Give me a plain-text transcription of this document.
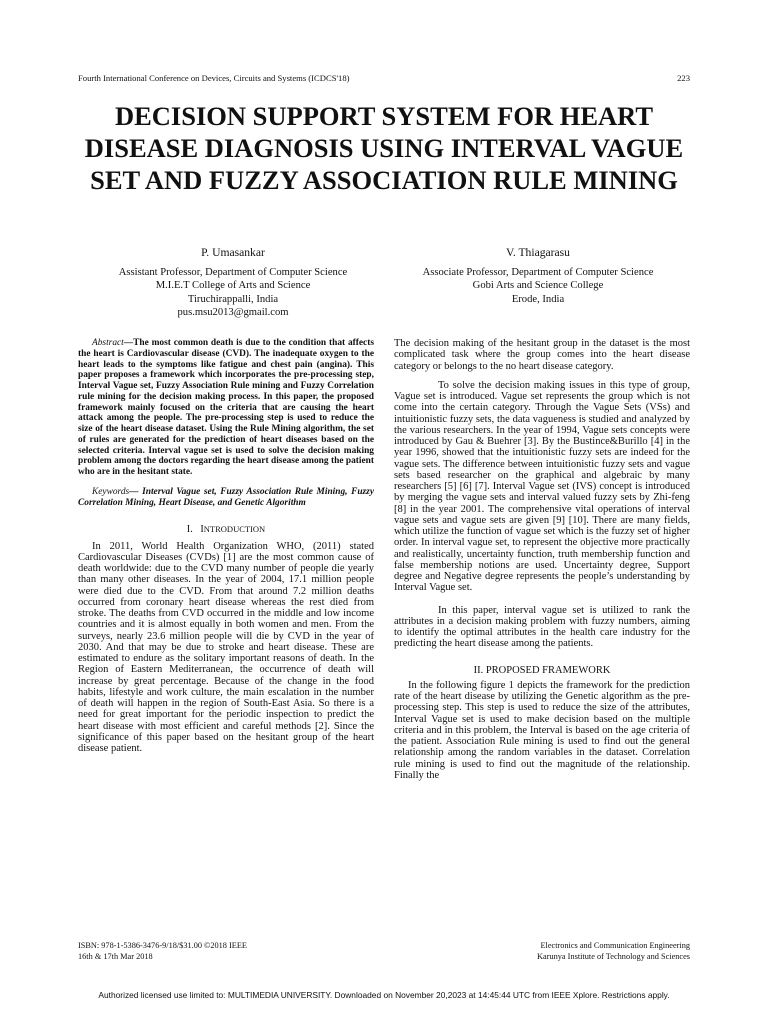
Fourth International Conference on Devices, Circuits and Systems (ICDCS'18)	223
DECISION SUPPORT SYSTEM FOR HEART DISEASE DIAGNOSIS USING INTERVAL VAGUE SET AND FUZZY ASSOCIATION RULE MINING
P. Umasankar
Assistant Professor, Department of Computer Science
M.I.E.T College of Arts and Science
Tiruchirappalli, India
pus.msu2013@gmail.com
V. Thiagarasu
Associate Professor, Department of Computer Science
Gobi Arts and Science College
Erode, India

Abstract—The most common death is due to the condition that affects the heart is Cardiovascular disease (CVD). The inadequate oxygen to the heart leads to the symptoms like fatigue and chest pain (angina). This paper proposes a framework which incorporates the pre-processing step, Interval Vague set, Fuzzy Association Rule mining and Fuzzy Correlation rule mining for the decision making process. In this paper, the proposed framework mainly focused on the criteria that are causing the heart attack among the people. The pre-processing step is used to reduce the size of the heart disease dataset. Using the Rule Mining algorithm, the set of rules are generated for the prediction of heart diseases based on the selected criteria. Interval vague set is used to solve the decision making problem among the doctors regarding the heart disease among the patient who are in the hesitant state.

Keywords— Interval Vague set, Fuzzy Association Rule Mining, Fuzzy Correlation Mining, Heart Disease, and Genetic Algorithm

I. INTRODUCTION

In 2011, World Health Organization WHO, (2011) stated Cardiovascular Diseases (CVDs) [1] are the most common cause of death worldwide: due to the CVD many number of people die yearly than many other diseases. In the year of 2004, 17.1 million people were died due to the CVD. From that around 7.2 million deaths occurred from coronary heart disease whereas the rest died from stroke. The deaths from CVD occurred in the middle and low income countries and it is almost equally in both women and men. From the surveys, nearly 23.6 million people will die by CVD in the year of 2030. And that may be due to stroke and heart disease. These are estimated to endure as the solitary important reasons of death. In the Region of Eastern Mediterranean, the occurrence of death will increase by great percentage. Because of the change in the food habits, lifestyle and work culture, the main escalation in the number of death will happen in the region of South-East Asia. So there is a need for great important for the periodic inspection to predict the heart disease with most efficient and careful methods [2]. Since the significance of this paper based on the hesitant group of the heart disease patient.

The decision making of the hesitant group in the dataset is the most complicated task where the group comes into the heart disease category or belongs to the no heart disease category.

To solve the decision making issues in this type of group, Vague set is introduced. Vague set represents the group which is not come into the certain category. Through the Vague Sets (VSs) and intuitionistic fuzzy sets, the data vagueness is studied and analyzed by the various researchers. In the year of 1994, Vague sets concepts were introduced by Gau & Buehrer [3]. By the Bustince&Burillo [4] in the year 1996, showed that the intuitionistic fuzzy sets are indeed for the vague sets. The difference between intuitionistic fuzzy sets and vague sets based researcher on the graphical and algebraic by many researchers [5] [6] [7]. Interval Vague set (IVS) concept is introduced by merging the vague sets and interval valued fuzzy sets by Zhi-feng [8] in the year 2001. The comprehensive vital operations of interval vague sets and vague sets are given [9] [10]. There are many fields, which utilize the function of vague set which is the fuzzy set of higher order. In interval vague set, to represent the objective more practically and realistically, uncertainty function, truth membership function and false membership notions are used. Uncertainty degree, Support degree and Negative degree represents the people’s understanding by Interval Vague set.

In this paper, interval vague set is utilized to rank the attributes in a decision making problem with fuzzy numbers, aiming to identify the optimal attributes in the health care industry for the predicting the heart disease among the patients.

II. PROPOSED FRAMEWORK

In the following figure 1 depicts the framework for the prediction rate of the heart disease by utilizing the Genetic algorithm as the pre-processing step. This step is used to reduce the size of the attributes, Interval Vague set is used to make decision based on the multiple criteria and in this problem, the Interval is based on the age criteria of the patient. Association Rule mining is used to find out the general relationship among the random variables in the dataset. Correlation rule mining is used to find out the magnitude of the relationship. Finally the

ISBN: 978-1-5386-3476-9/18/$31.00 ©2018 IEEE
16th & 17th Mar 2018
Electronics and Communication Engineering
Karunya Institute of Technology and Sciences
Authorized licensed use limited to: MULTIMEDIA UNIVERSITY. Downloaded on November 20,2023 at 14:45:44 UTC from IEEE Xplore. Restrictions apply.
